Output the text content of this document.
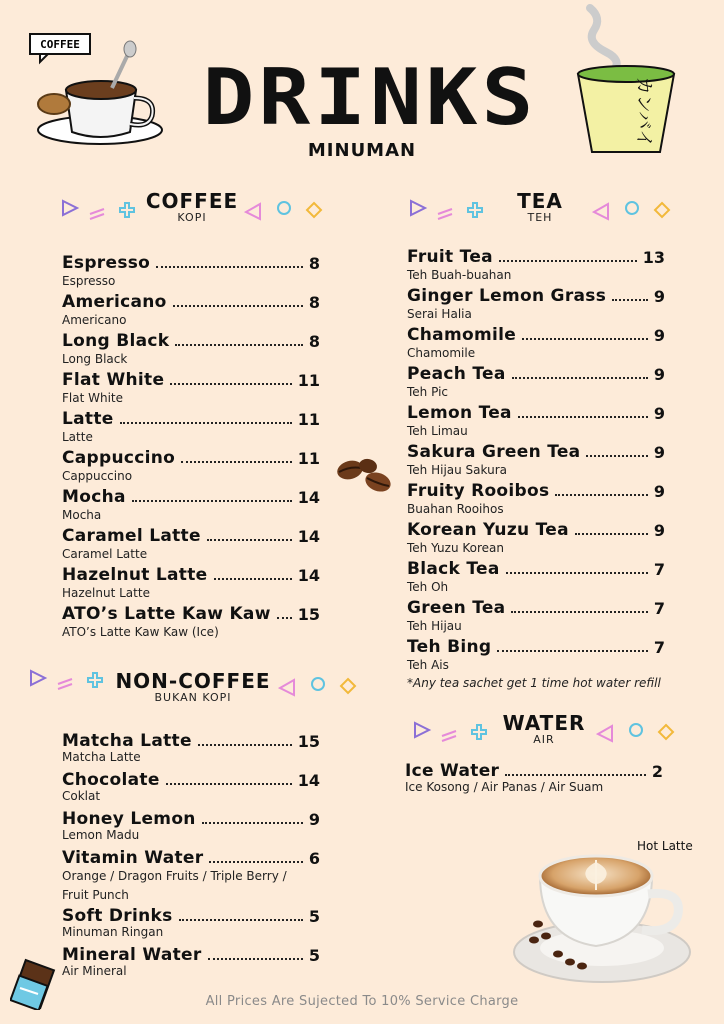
COFFEE
カンバイ
DRINKS
MINUMAN
COFFEE
KOPI
TEA
TEH
NON-COFFEE
BUKAN KOPI
WATER
AIR
Espresso	8
Espresso
Americano	8
Americano
Long Black	8
Long Black
Flat White	11
Flat White
Latte	11
Latte
Cappuccino	11
Cappuccino
Mocha	14
Mocha
Caramel Latte	14
Caramel Latte
Hazelnut Latte	14
Hazelnut Latte
ATO’s Latte Kaw Kaw 15
ATO’s Latte Kaw Kaw (Ice)
Matcha Latte	15
Matcha Latte
Chocolate	14
Coklat
Honey Lemon	9
Lemon Madu
Vitamin Water	6
Orange / Dragon Fruits / Triple Berry /
Fruit Punch
Soft Drinks	5
Minuman Ringan
Mineral Water	5
Air Mineral
Fruit Tea	13
Teh Buah-buahan
Ginger Lemon Grass	9
Serai Halia
Chamomile	9
Chamomile
Peach Tea	9
Teh Pic
Lemon Tea	9
Teh Limau
Sakura Green Tea	9
Teh Hijau Sakura
Fruity Rooibos	9
Buahan Rooihos
Korean Yuzu Tea	9
Teh Yuzu Korean
Black Tea	7
Teh Oh
Green Tea	7
Teh Hijau
Teh Bing	7
Teh Ais
*Any tea sachet get 1 time hot water refill
Ice Water	2
Ice Kosong / Air Panas / Air Suam
Hot Latte
All Prices Are Sujected To 10% Service Charge
